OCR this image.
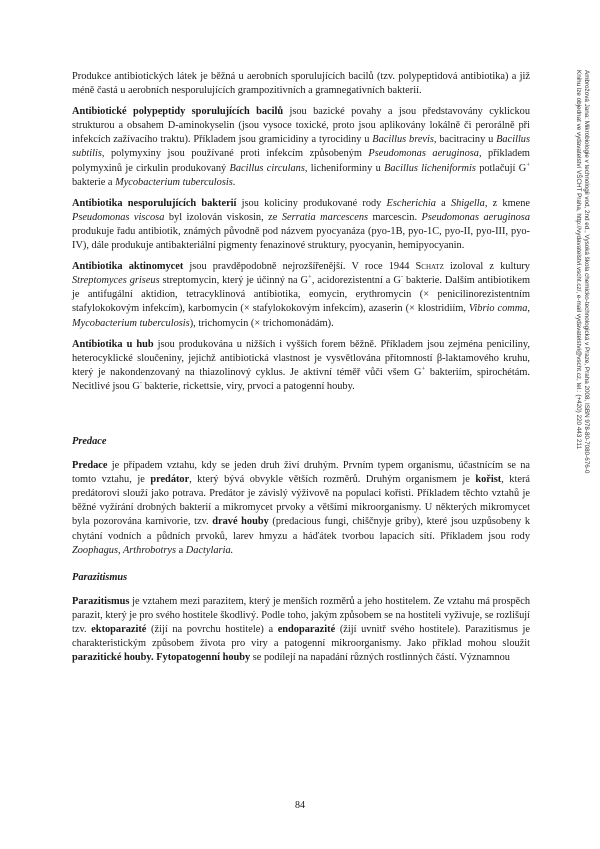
Produkce antibiotických látek je běžná u aerobních sporulujících bacilů (tzv. polypeptidová antibiotika) a již méně častá u aerobních nesporulujících grampozitivních a gramnegativních bakterií.

Antibiotické polypeptidy sporulujících bacilů jsou bazické povahy a jsou představovány cyklickou strukturou a obsahem D-aminokyselin (jsou vysoce toxické, proto jsou aplikovány lokálně či perorálně při infekcích zažívacího traktu). Příkladem jsou gramicidiny a tyrocidiny u Bacillus brevis, bacitraciny u Bacillus subtilis, polymyxiny jsou používané proti infekcím způsobeným Pseudomonas aeruginosa, příkladem polymyxinů je cirkulin produkovaný Bacillus circulans, licheniforminy u Bacillus licheniformis potlačují G+ bakterie a Mycobacterium tuberculosis.

Antibiotika nesporulujících bakterií jsou koliciny produkované rody Escherichia a Shigella, z kmene Pseudomonas viscosa byl izolován viskosin, ze Serratia marcescens marcescin. Pseudomonas aeruginosa produkuje řadu antibiotik, známých původně pod názvem pyocyanáza (pyo-1B, pyo-1C, pyo-II, pyo-III, pyo-IV), dále produkuje antibakteriální pigmenty fenazinové struktury, pyocyanin, hemipyocyanin.

Antibiotika aktinomycet jsou pravděpodobně nejrozšířenější. V roce 1944 Schatz izoloval z kultury Streptomyces griseus streptomycin, který je účinný na G+, acidorezistentní a G- bakterie. Dalším antibiotikem je antifugální aktidion, tetracyklinová antibiotika, eomycin, erythromycin (× penicilinorezistentním stafylokokovým infekcím), karbomycin (× stafylokokovým infekcím), azaserin (× klostridiím, Vibrio comma, Mycobacterium tuberculosis), trichomycin (× trichomonádám).

Antibiotika u hub jsou produkována u nižších i vyšších forem běžně. Příkladem jsou zejména peniciliny, heterocyklické sloučeniny, jejichž antibiotická vlastnost je vysvětlována přítomností β-laktamového kruhu, který je nakondenzovaný na thiazolinový cyklus. Je aktivní téměř vůči všem G+ bakteriím, spirochétám. Necitlivé jsou G- bakterie, rickettsie, viry, prvoci a patogenní houby.

Predace

Predace je případem vztahu, kdy se jeden druh živí druhým. Prvním typem organismu, účastnícím se na tomto vztahu, je predátor, který bývá obvykle větších rozměrů. Druhým organismem je kořist, která predátorovi slouží jako potrava. Predátor je závislý výživově na populaci kořisti. Příkladem těchto vztahů je běžné vyžírání drobných bakterií a mikromycet prvoky a většími mikroorganismy. U některých mikromycet byla pozorována karnivorie, tzv. dravé houby (predacious fungi, chiščnyje griby), které jsou uzpůsobeny k chytání vodních a půdních prvoků, larev hmyzu a háďátek tvorbou lapacích sítí. Příkladem jsou rody Zoophagus, Arthrobotrys a Dactylaria.

Parazitismus

Parazitismus je vztahem mezi parazitem, který je menších rozměrů a jeho hostitelem. Ze vztahu má prospěch parazit, který je pro svého hostitele škodlivý. Podle toho, jakým způsobem se na hostiteli vyživuje, se rozlišují tzv. ektoparazité (žijí na povrchu hostitele) a endoparazité (žijí uvnitř svého hostitele). Parazitismus je charakteristickým způsobem života pro viry a patogenní mikroorganismy. Jako příklad mohou sloužit parazitické houby. Fytopatogenní houby se podílejí na napadání různých rostlinných částí. Významnou

Ambrožová Jana: Mikrobiologie v technologii vod, 2nd ed., Vysoká škola chemicko-technologická v Praze, Praha 2008, ISBN 978-80-7080-676-0
Knihu lze objednat ve vydavatelství VŠCHT Praha, http://vydavatelstvi.vscht.cz/, e-mail vydavatelstvi@vscht.cz, tel.: (+420) 220 443 211
84
